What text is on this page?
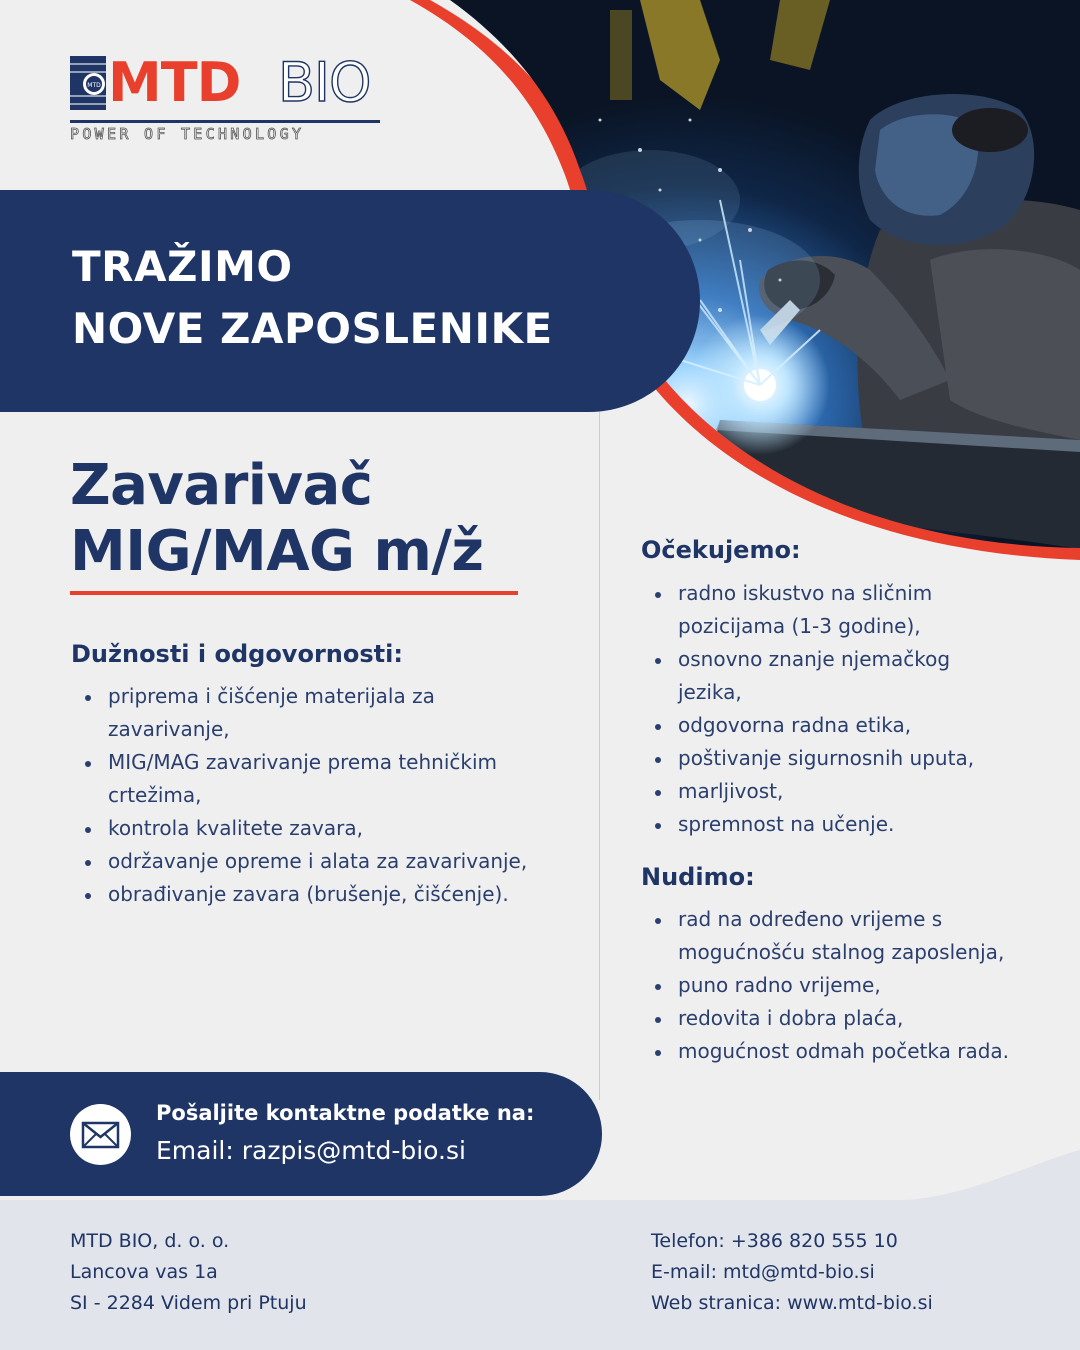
MTD MTD BIO
POWER OF TECHNOLOGY
TRAŽIMO
NOVE ZAPOSLENIKE
Zavarivač
MIG/MAG m/ž
Dužnosti i odgovornosti:
priprema i čišćenje materijala za
zavarivanje,
MIG/MAG zavarivanje prema tehničkim
crtežima,
kontrola kvalitete zavara,
održavanje opreme i alata za zavarivanje,
obrađivanje zavara (brušenje, čišćenje).
Očekujemo:
radno iskustvo na sličnim
pozicijama (1-3 godine),
osnovno znanje njemačkog
jezika,
odgovorna radna etika,
poštivanje sigurnosnih uputa,
marljivost,
spremnost na učenje.
Nudimo:
rad na određeno vrijeme s
mogućnošću stalnog zaposlenja,
puno radno vrijeme,
redovita i dobra plaća,
mogućnost odmah početka rada.
Pošaljite kontaktne podatke na:
Email: razpis@mtd-bio.si
MTD BIO, d. o. o.
Lancova vas 1a
SI - 2284 Videm pri Ptuju
Telefon: +386 820 555 10
E-mail: mtd@mtd-bio.si
Web stranica: www.mtd-bio.si
